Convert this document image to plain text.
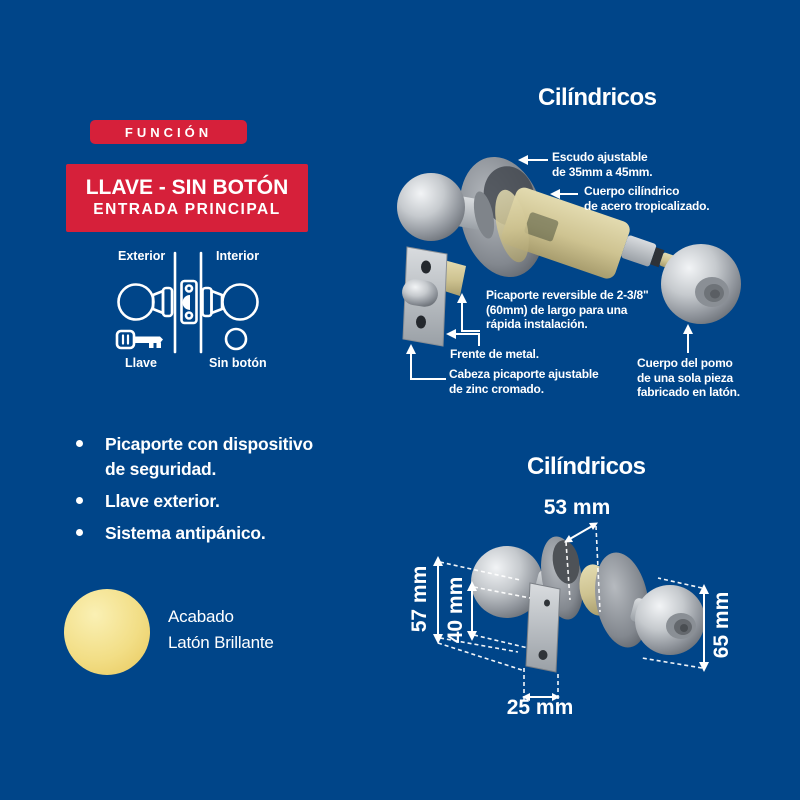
FUNCIÓN
LLAVE - SIN BOTÓN
ENTRADA PRINCIPAL
Exterior	Interior
Llave	Sin botón
Picaporte con dispositivo de seguridad.
Llave exterior.
Sistema antipánico.
Acabado
Latón Brillante
Cilíndricos
Escudo ajustable
de 35mm a 45mm.
Cuerpo cilíndrico
de acero tropicalizado.
Picaporte reversible de 2-3/8"
(60mm) de largo para una
rápida instalación.
Frente de metal.
Cabeza picaporte ajustable
de zinc cromado.
Cuerpo del pomo
de una sola pieza
fabricado en latón.
Cilíndricos
53 mm
57 mm 40 mm	65 mm
25 mm
